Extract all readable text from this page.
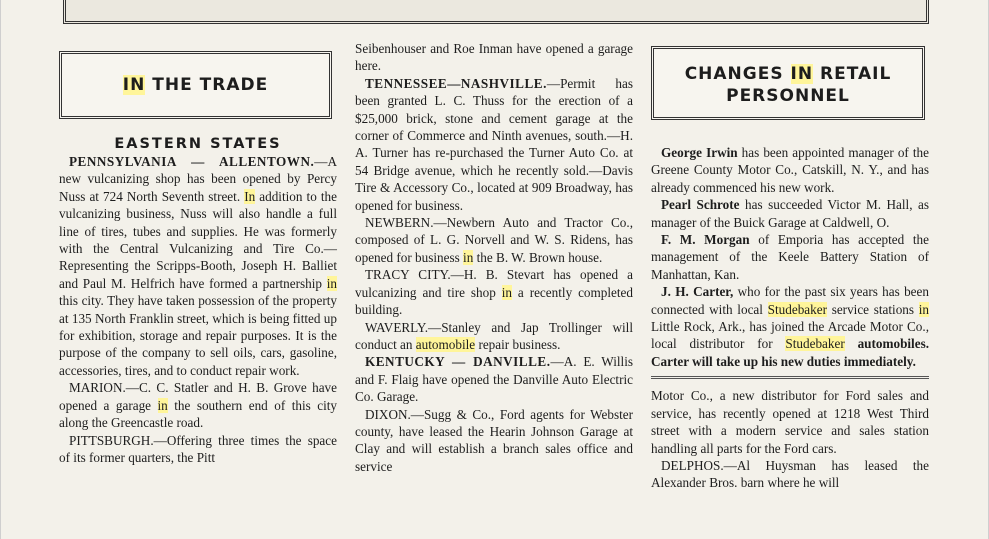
IN THE TRADE
EASTERN STATES

PENNSYLVANIA — ALLENTOWN.—A new vulcanizing shop has been opened by Percy Nuss at 724 North Seventh street. In addition to the vulcanizing business, Nuss will also handle a full line of tires, tubes and supplies. He was formerly with the Central Vulcanizing and Tire Co.—Representing the Scripps-Booth, Joseph H. Balliet and Paul M. Helfrich have formed a partnership in this city. They have taken possession of the property at 135 North Franklin street, which is being fitted up for exhibition, storage and repair purposes. It is the purpose of the company to sell oils, cars, gasoline, accessories, tires, and to conduct repair work.

MARION.—C. C. Statler and H. B. Grove have opened a garage in the southern end of this city along the Greencastle road.

PITTSBURGH.—Offering three times the space of its former quarters, the Pitt

Seibenhouser and Roe Inman have opened a garage here.

TENNESSEE—NASHVILLE.—Permit has been granted L. C. Thuss for the erection of a $25,000 brick, stone and cement garage at the corner of Commerce and Ninth avenues, south.—H. A. Turner has re-purchased the Turner Auto Co. at 54 Bridge avenue, which he recently sold.—Davis Tire & Accessory Co., located at 909 Broadway, has opened for business.

NEWBERN.—Newbern Auto and Tractor Co., composed of L. G. Norvell and W. S. Ridens, has opened for business in the B. W. Brown house.

TRACY CITY.—H. B. Stevart has opened a vulcanizing and tire shop in a recently completed building.

WAVERLY.—Stanley and Jap Trollinger will conduct an automobile repair business.

KENTUCKY — DANVILLE.—A. E. Willis and F. Flaig have opened the Danville Auto Electric Co. Garage.

DIXON.—Sugg & Co., Ford agents for Webster county, have leased the Hearin Johnson Garage at Clay and will establish a branch sales office and service

CHANGES IN RETAIL
PERSONNEL

George Irwin has been appointed manager of the Greene County Motor Co., Catskill, N. Y., and has already commenced his new work.

Pearl Schrote has succeeded Victor M. Hall, as manager of the Buick Garage at Caldwell, O.

F. M. Morgan of Emporia has accepted the management of the Keele Battery Station of Manhattan, Kan.

J. H. Carter, who for the past six years has been connected with local Studebaker service stations in Little Rock, Ark., has joined the Arcade Motor Co., local distributor for Studebaker automobiles. Carter will take up his new duties immediately.

Motor Co., a new distributor for Ford sales and service, has recently opened at 1218 West Third street with a modern service and sales station handling all parts for the Ford cars.

DELPHOS.—Al Huysman has leased the Alexander Bros. barn where he will
